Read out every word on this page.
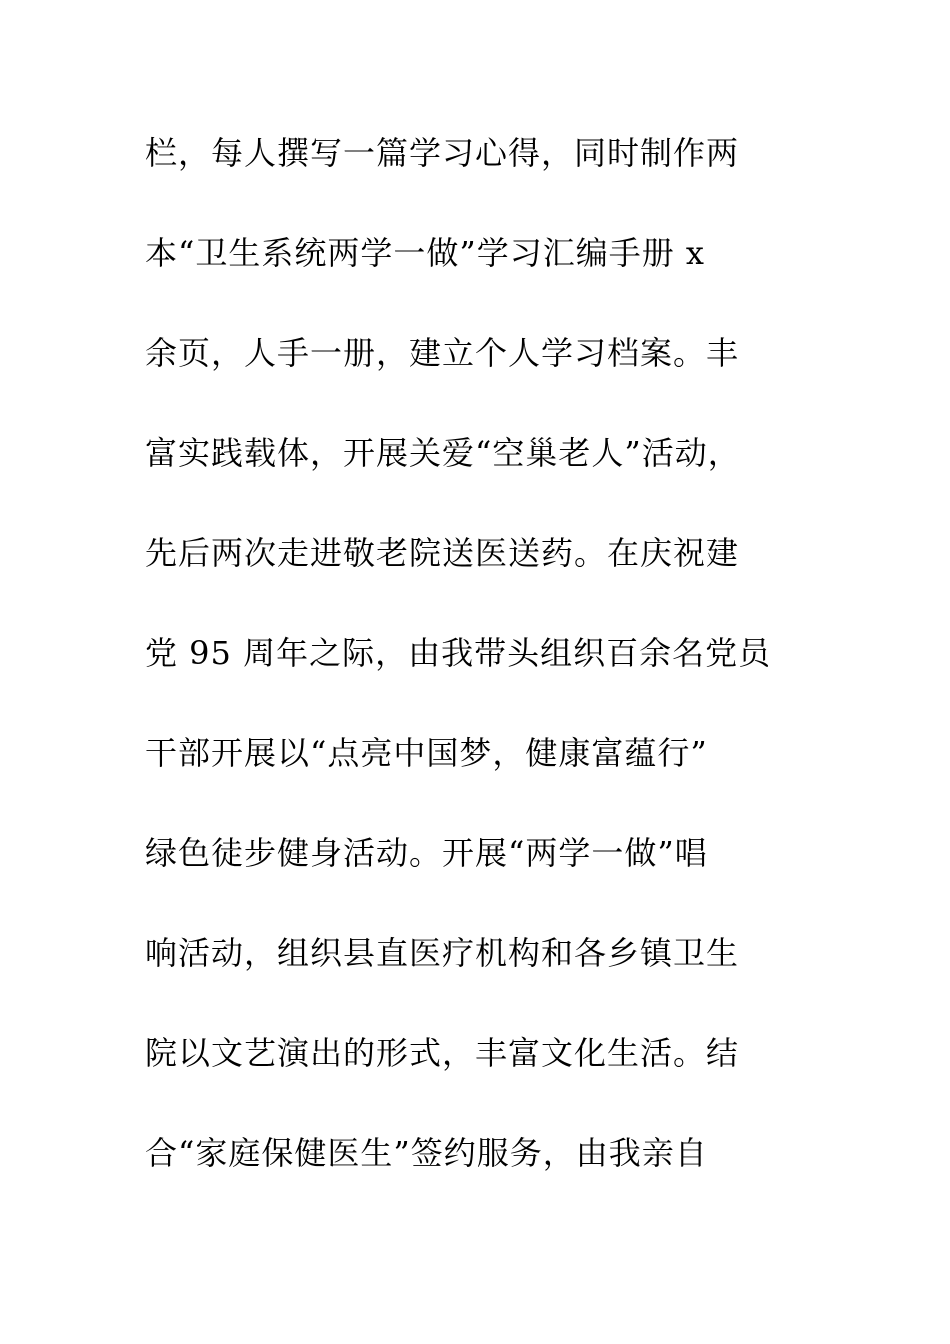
栏，每人撰写一篇学习心得，同时制作两
本“卫生系统两学一做”学习汇编手册 x
余页，人手一册，建立个人学习档案。丰
富实践载体，开展关爱“空巢老人”活动，
先后两次走进敬老院送医送药。在庆祝建
党 95 周年之际，由我带头组织百余名党员
干部开展以“点亮中国梦，健康富蕴行”
绿色徒步健身活动。开展“两学一做”唱
响活动，组织县直医疗机构和各乡镇卫生
院以文艺演出的形式，丰富文化生活。结
合“家庭保健医生”签约服务，由我亲自
